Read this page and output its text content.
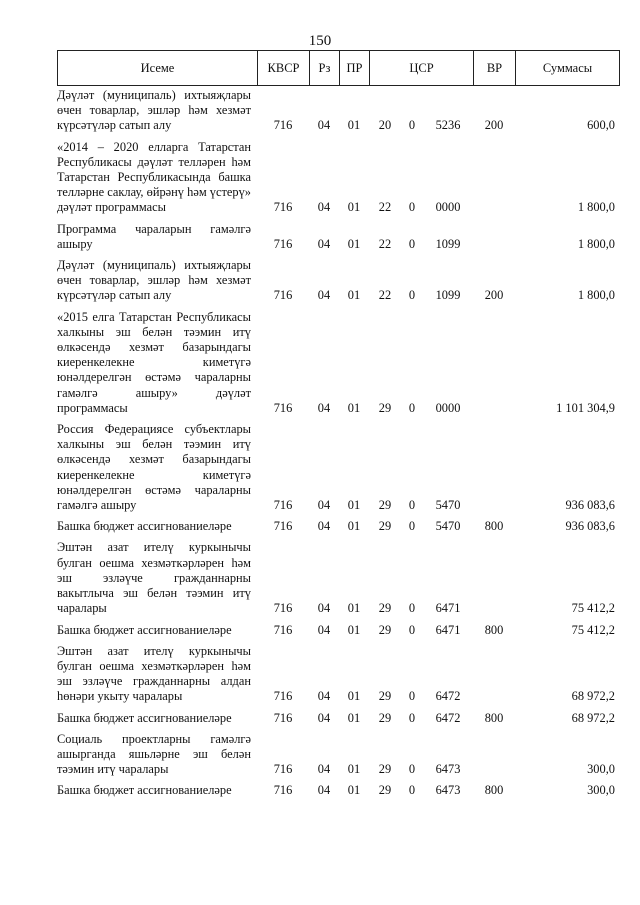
150
Исеме	КВСР	Рз	ПР	ЦСР	ВР	Суммасы
Дәүләт (муниципаль) ихтыяҗлары өчен товарлар, эшләр һәм хезмәт күрсәтүләр сатып алу	716	04	01	20	0	5236	200	600,0
«2014 – 2020 елларга Татарстан Республикасы дәүләт телләрен һәм Татарстан Республикасында башка телләрне саклау, өйрәнү һәм үстерү» дәүләт программасы	716	04	01	22	0	0000		1 800,0
Программа чараларын гамәлгә ашыру	716	04	01	22	0	1099		1 800,0
Дәүләт (муниципаль) ихтыяҗлары өчен товарлар, эшләр һәм хезмәт күрсәтүләр сатып алу	716	04	01	22	0	1099	200	1 800,0
«2015 елга Татарстан Республикасы халкыны эш белән тәэмин итү өлкәсендә хезмәт базарындагы киеренкелекне киметүгә юнәлдерелгән өстәмә чараларны гамәлгә ашыру» дәүләт программасы	716	04	01	29	0	0000		1 101 304,9
Россия Федерациясе субъектлары халкыны эш белән тәэмин итү өлкәсендә хезмәт базарындагы киеренкелекне киметүгә юнәлдерелгән өстәмә чараларны гамәлгә ашыру	716	04	01	29	0	5470		936 083,6
Башка бюджет ассигнованиеләре	716	04	01	29	0	5470	800	936 083,6
Эштән азат ителү куркынычы булган оешма хезмәткәрләрен һәм эш эзләүче гражданнарны вакытлыча эш белән тәэмин итү чаралары	716	04	01	29	0	6471		75 412,2
Башка бюджет ассигнованиеләре	716	04	01	29	0	6471	800	75 412,2
Эштән азат ителү куркынычы булган оешма хезмәткәрләрен һәм эш эзләүче гражданнарны алдан һөнәри укыту чаралары	716	04	01	29	0	6472		68 972,2
Башка бюджет ассигнованиеләре	716	04	01	29	0	6472	800	68 972,2
Социаль проектларны гамәлгә ашырганда яшьләрне эш белән тәэмин итү чаралары	716	04	01	29	0	6473		300,0
Башка бюджет ассигнованиеләре	716	04	01	29	0	6473	800	300,0
